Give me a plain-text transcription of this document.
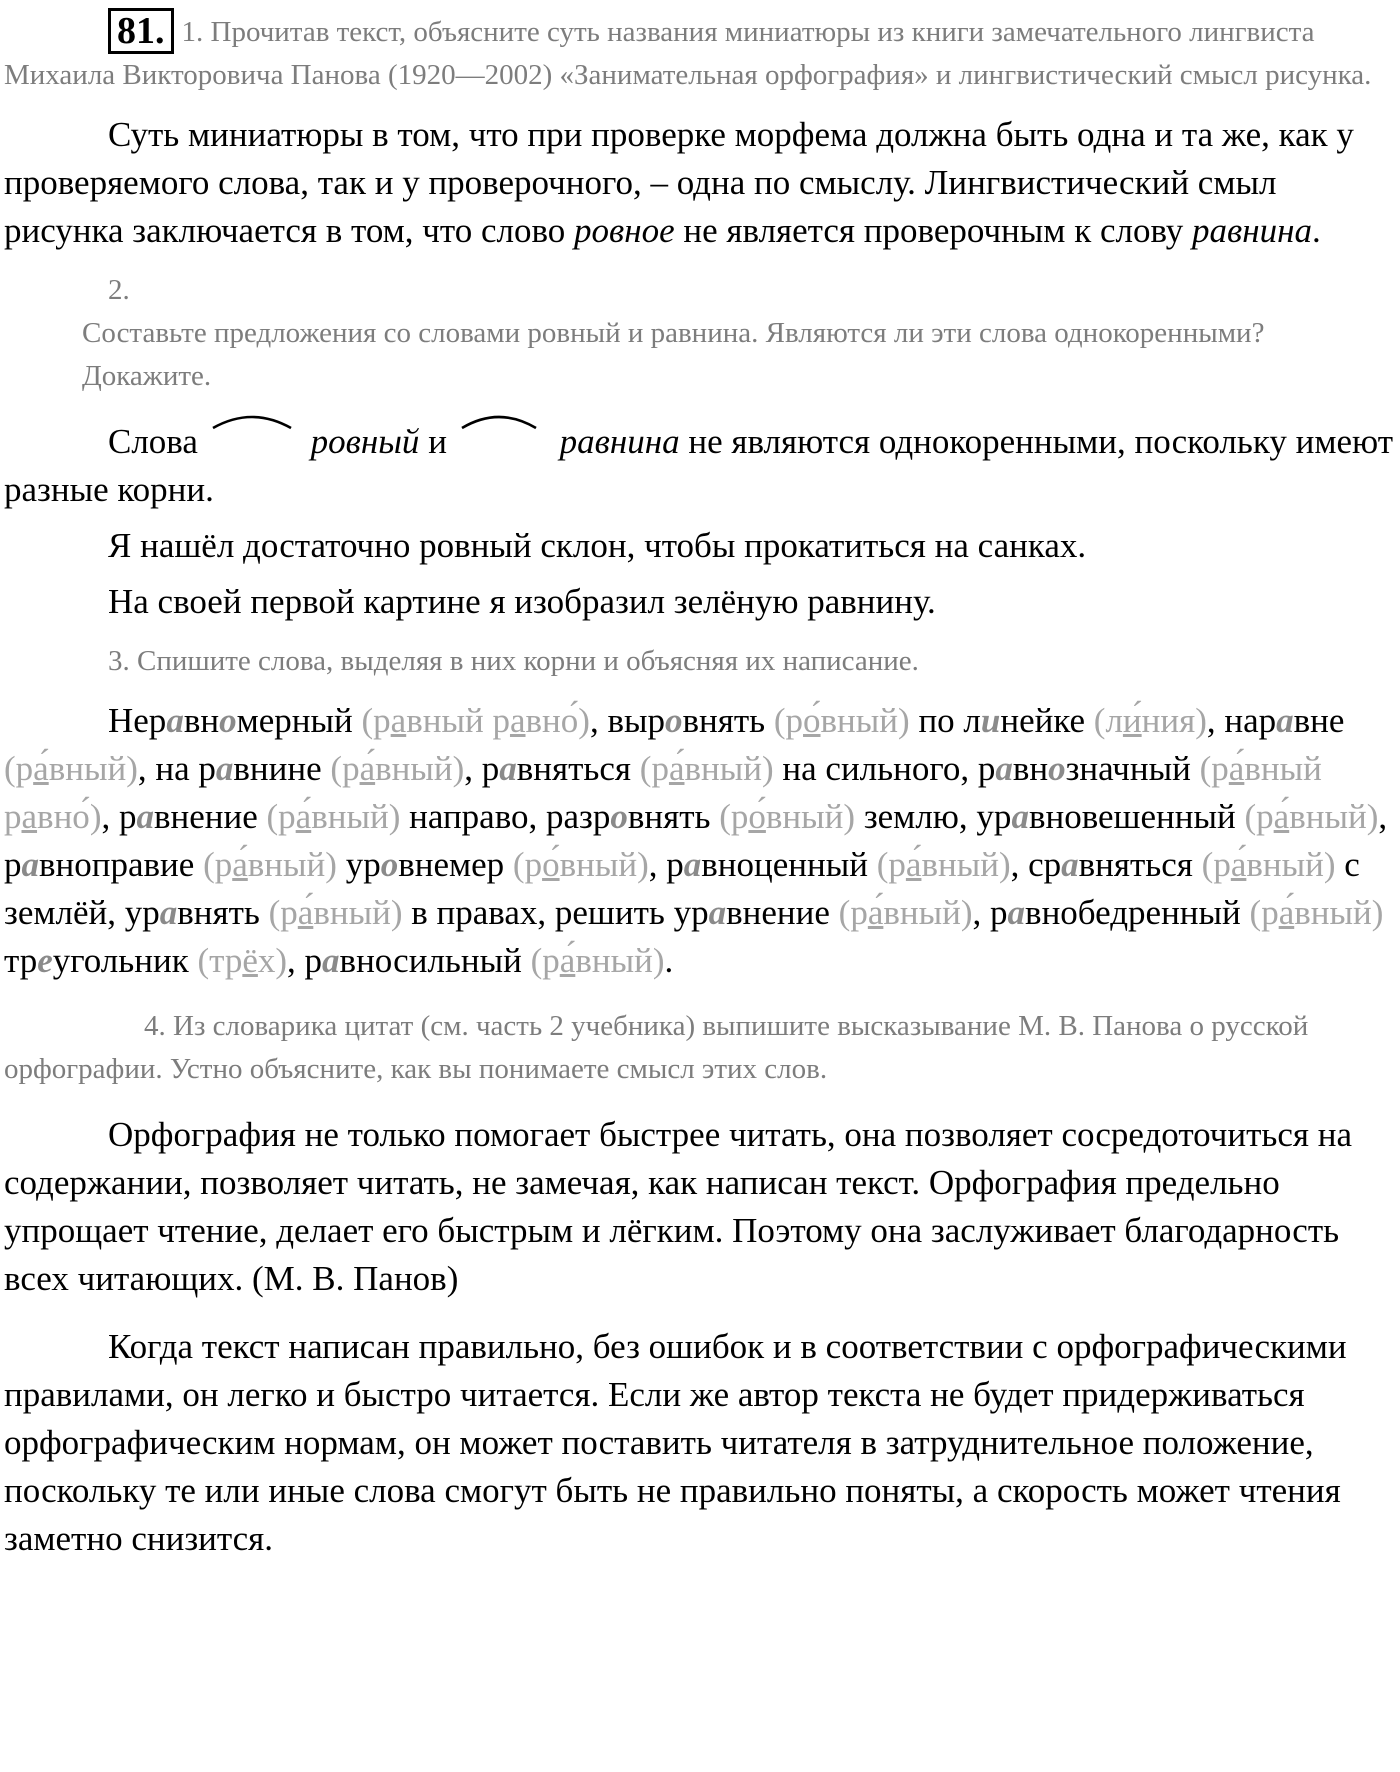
81. 1. Прочитав текст, объясните суть названия миниатюры из книги замечательного лингвиста Михаила Викторовича Панова (1920—2002) «Занимательная орфография» и лингвистический смысл рисунка.

Суть миниатюры в том, что при проверке морфема должна быть одна и та же, как у проверяемого слова, так и у проверочного, – одна по смыслу. Лингвистический смыл рисунка заключается в том, что слово ровное не является проверочным к слову равнина.

2.Составьте предложения со словами ровный и равнина. Являются ли эти слова однокоренными? Докажите.

Слова	ровный и	равнина не являются однокоренными, поскольку имеют разные корни.

Я нашёл достаточно ровный склон, чтобы прокатиться на санках.

На своей первой картине я изобразил зелёную равнину.

3. Спишите слова, выделяя в них корни и объясняя их написание.

Неравномерный (равный равно́), выровнять (ро́вный) по линейке (ли́ния), наравне (ра́вный), на равнине (ра́вный), равняться (ра́вный) на сильного, равнозначный (ра́вный равно́), равнение (ра́вный) направо, разровнять (ро́вный) землю, уравновешенный (ра́вный), равноправие (ра́вный) уровнемер (ро́вный), равноценный (ра́вный), сравняться (ра́вный) с землёй, уравнять (ра́вный) в правах, решить уравнение (ра́вный), равнобедренный (ра́вный) треугольник (трёх), равносильный (ра́вный).

4. Из словарика цитат (см. часть 2 учебника) выпишите высказывание М. В. Панова о русской орфографии. Устно объясните, как вы понимаете смысл этих слов.

Орфография не только помогает быстрее читать, она позволяет сосредоточиться на содержании, позволяет читать, не замечая, как написан текст. Орфография предельно упрощает чтение, делает его быстрым и лёгким. Поэтому она заслуживает благодарность всех читающих. (М. В. Панов)

Когда текст написан правильно, без ошибок и в соответствии с орфографическими правилами, он легко и быстро читается. Если же автор текста не будет придерживаться орфографическим нормам, он может поставить читателя в затруднительное положение, поскольку те или иные слова смогут быть не правильно поняты, а скорость может чтения заметно снизится.
